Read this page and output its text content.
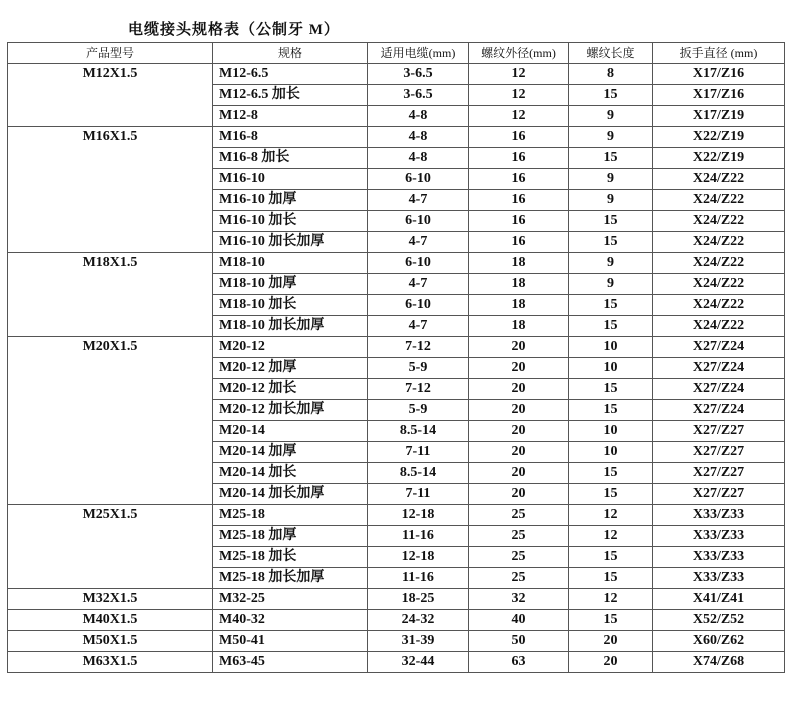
电缆接头规格表（公制牙 M）
产品型号	规格	适用电缆(mm)	螺纹外径(mm)	螺纹长度	扳手直径 (mm)
M12X1.5	M12-6.5	3-6.5	12	8	X17/Z16
	M12-6.5 加长	3-6.5	12	15	X17/Z16
	M12-8	4-8	12	9	X17/Z19
M16X1.5	M16-8	4-8	16	9	X22/Z19
	M16-8 加长	4-8	16	15	X22/Z19
	M16-10	6-10	16	9	X24/Z22
	M16-10 加厚	4-7	16	9	X24/Z22
	M16-10 加长	6-10	16	15	X24/Z22
	M16-10 加长加厚	4-7	16	15	X24/Z22
M18X1.5	M18-10	6-10	18	9	X24/Z22
	M18-10 加厚	4-7	18	9	X24/Z22
	M18-10 加长	6-10	18	15	X24/Z22
	M18-10 加长加厚	4-7	18	15	X24/Z22
M20X1.5	M20-12	7-12	20	10	X27/Z24
	M20-12 加厚	5-9	20	10	X27/Z24
	M20-12 加长	7-12	20	15	X27/Z24
	M20-12 加长加厚	5-9	20	15	X27/Z24
	M20-14	8.5-14	20	10	X27/Z27
	M20-14 加厚	7-11	20	10	X27/Z27
	M20-14 加长	8.5-14	20	15	X27/Z27
	M20-14 加长加厚	7-11	20	15	X27/Z27
M25X1.5	M25-18	12-18	25	12	X33/Z33
	M25-18 加厚	11-16	25	12	X33/Z33
	M25-18 加长	12-18	25	15	X33/Z33
	M25-18 加长加厚	11-16	25	15	X33/Z33
M32X1.5	M32-25	18-25	32	12	X41/Z41
M40X1.5	M40-32	24-32	40	15	X52/Z52
M50X1.5	M50-41	31-39	50	20	X60/Z62
M63X1.5	M63-45	32-44	63	20	X74/Z68
